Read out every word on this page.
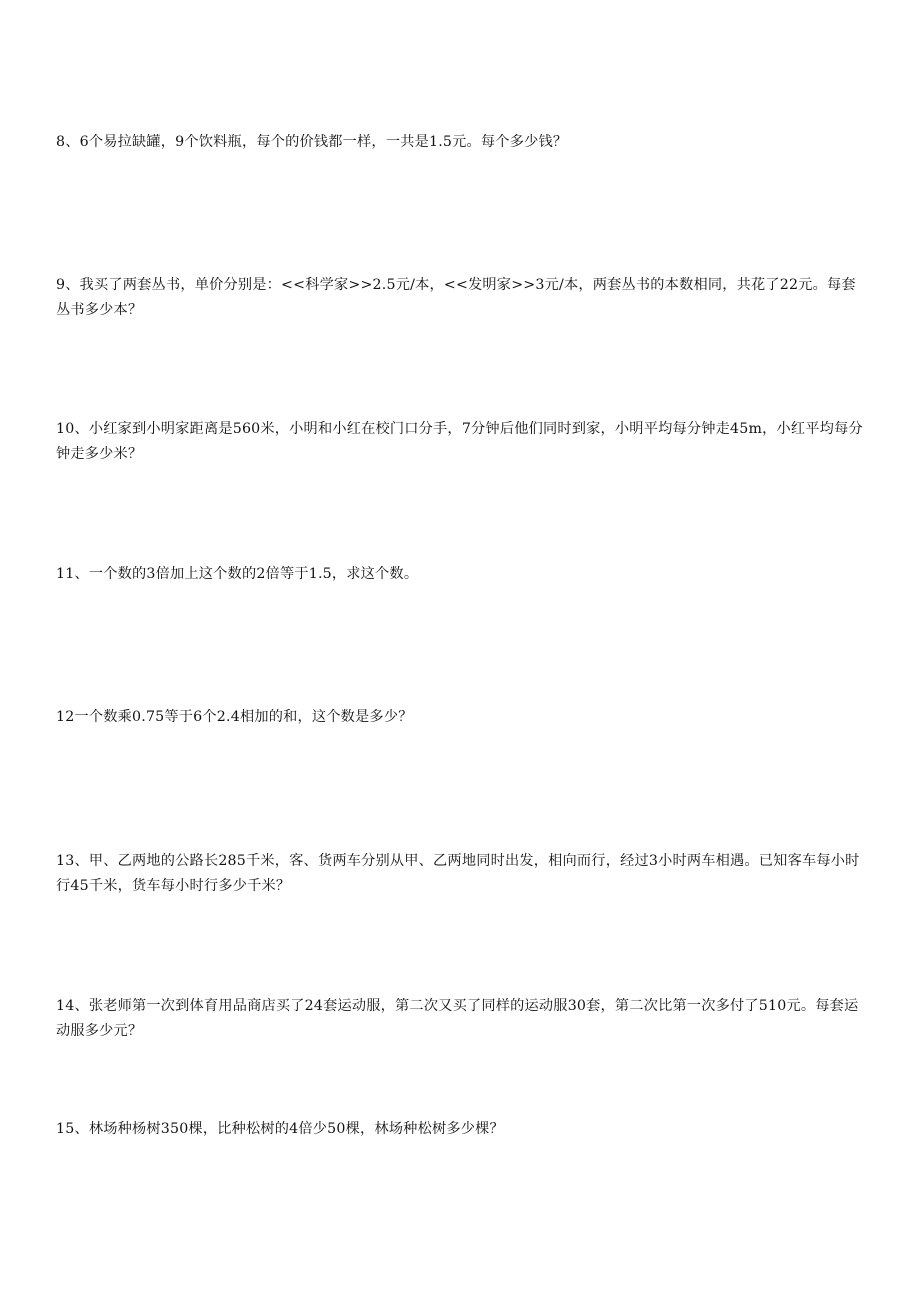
8、6个易拉缺罐，9个饮料瓶，每个的价钱都一样，一共是1.5元。每个多少钱？
9、我买了两套丛书，单价分别是：<<科学家>>2.5元/本，<<发明家>>3元/本，两套丛书的本数相同，共花了22元。每套丛书多少本？
10、小红家到小明家距离是560米，小明和小红在校门口分手，7分钟后他们同时到家，小明平均每分钟走45m，小红平均每分钟走多少米？
11、一个数的3倍加上这个数的2倍等于1.5，求这个数。
12一个数乘0.75等于6个2.4相加的和，这个数是多少？
13、甲、乙两地的公路长285千米，客、货两车分别从甲、乙两地同时出发，相向而行，经过3小时两车相遇。已知客车每小时行45千米，货车每小时行多少千米？
14、张老师第一次到体育用品商店买了24套运动服，第二次又买了同样的运动服30套，第二次比第一次多付了510元。每套运动服多少元？
15、林场种杨树350棵，比种松树的4倍少50棵，林场种松树多少棵？
